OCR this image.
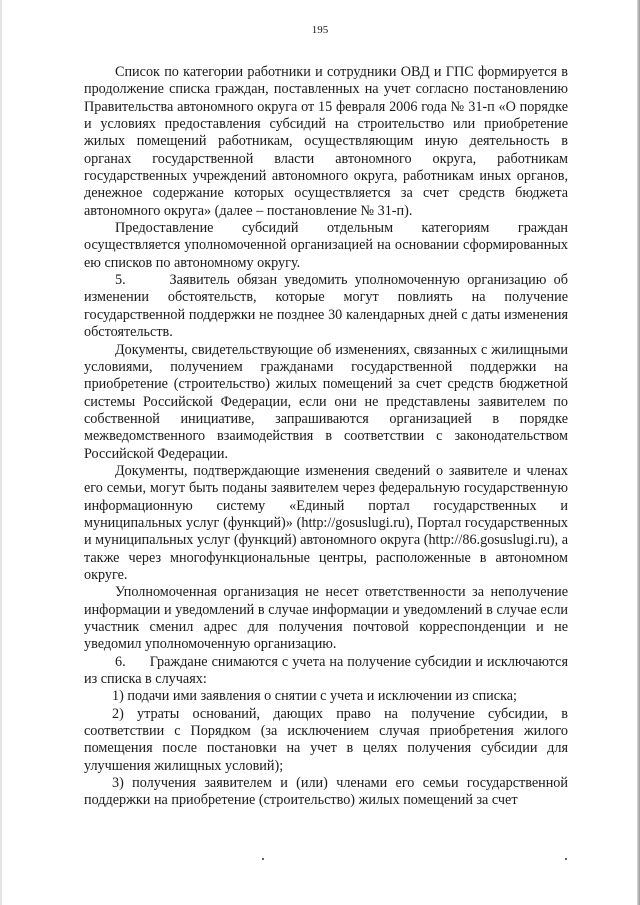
195

Список по категории работники и сотрудники ОВД и ГПС формируется в продолжение списка граждан, поставленных на учет согласно постановлению Правительства автономного округа от 15 февраля 2006 года № 31-п «О порядке и условиях предоставления субсидий на строительство или приобретение жилых помещений работникам, осуществляющим иную деятельность в органах государственной власти автономного округа, работникам государственных учреждений автономного округа, работникам иных органов, денежное содержание которых осуществляется за счет средств бюджета автономного округа» (далее – постановление № 31-п).

Предоставление субсидий отдельным категориям граждан осуществляется уполномоченной организацией на основании сформированных ею списков по автономному округу.

5.      Заявитель обязан уведомить уполномоченную организацию об изменении обстоятельств, которые могут повлиять на получение государственной поддержки не позднее 30 календарных дней с даты изменения обстоятельств.

Документы, свидетельствующие об изменениях, связанных с жилищными условиями, получением гражданами государственной поддержки на приобретение (строительство) жилых помещений за счет средств бюджетной системы Российской Федерации, если они не представлены заявителем по собственной инициативе, запрашиваются организацией в порядке межведомственного взаимодействия в соответствии с законодательством Российской Федерации.

Документы, подтверждающие изменения сведений о заявителе и членах его семьи, могут быть поданы заявителем через федеральную государственную информационную систему «Единый портал государственных и муниципальных услуг (функций)» (http://gosuslugi.ru), Портал государственных и муниципальных услуг (функций) автономного округа (http://86.gosuslugi.ru), а также через многофункциональные центры, расположенные в автономном округе.

Уполномоченная организация не несет ответственности за неполучение информации и уведомлений в случае информации и уведомлений в случае если участник сменил адрес для получения почтовой корреспонденции и не уведомил уполномоченную организацию.

6.      Граждане снимаются с учета на получение субсидии и исключаются из списка в случаях:

1) подачи ими заявления о снятии с учета и исключении из списка;

2) утраты оснований, дающих право на получение субсидии, в соответствии с Порядком (за исключением случая приобретения жилого помещения после постановки на учет в целях получения субсидии для улучшения жилищных условий);

3) получения заявителем и (или) членами его семьи государственной поддержки на приобретение (строительство) жилых помещений за счет
